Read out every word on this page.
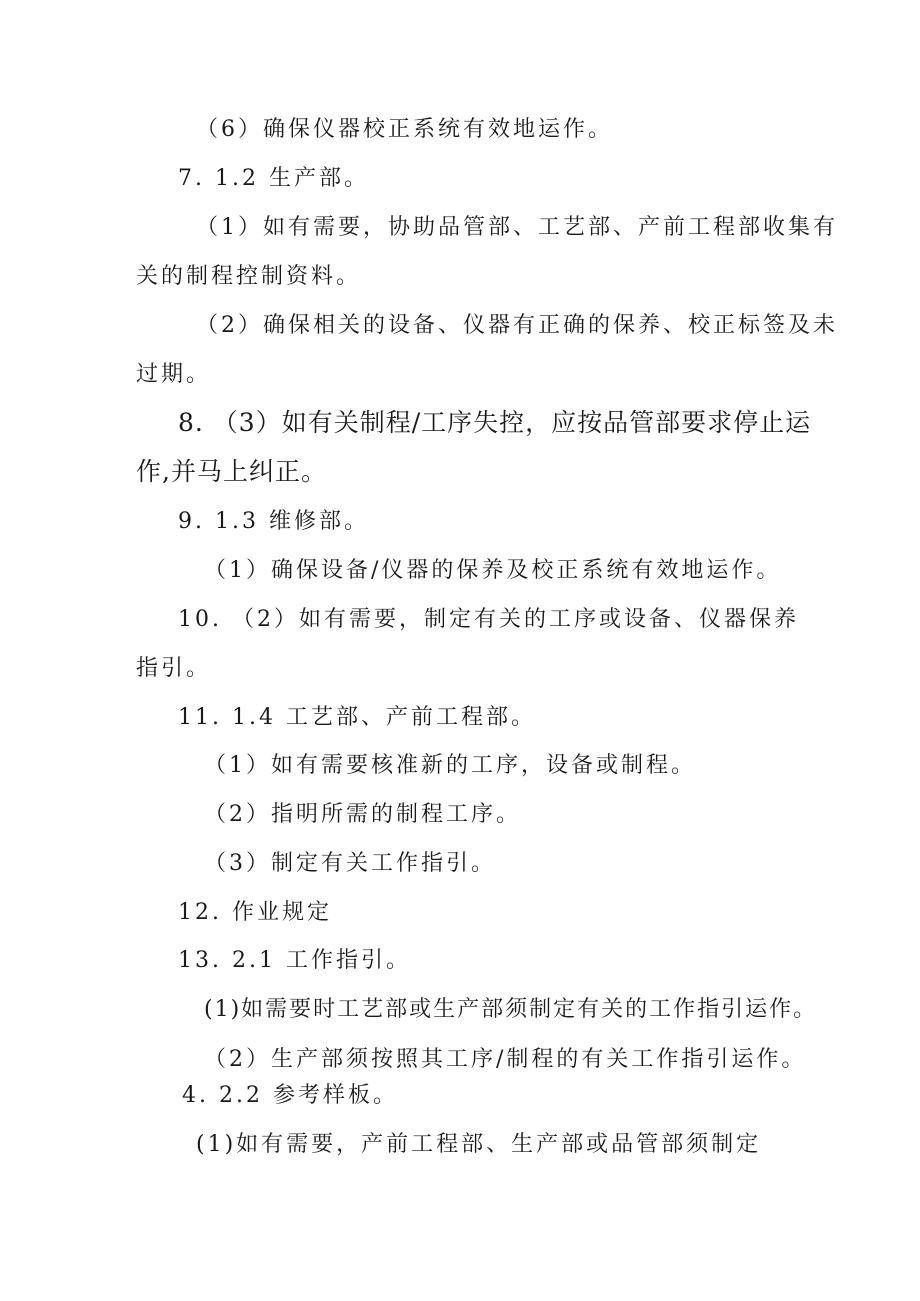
（6）确保仪器校正系统有效地运作。
7. 1.2 生产部。
（1）如有需要，协助品管部、工艺部、产前工程部收集有
关的制程控制资料。
（2）确保相关的设备、仪器有正确的保养、校正标签及未
过期。
8. （3）如有关制程/工序失控，应按品管部要求停止运
作,并马上纠正。
9. 1.3 维修部。
（1）确保设备/仪器的保养及校正系统有效地运作。
10. （2）如有需要，制定有关的工序或设备、仪器保养
指引。
11. 1.4 工艺部、产前工程部。
（1）如有需要核准新的工序，设备或制程。
（2）指明所需的制程工序。
（3）制定有关工作指引。
12. 作业规定
13. 2.1 工作指引。
(1)如需要时工艺部或生产部须制定有关的工作指引运作。
（2）生产部须按照其工序/制程的有关工作指引运作。
4. 2.2 参考样板。
(1)如有需要，产前工程部、生产部或品管部须制定
